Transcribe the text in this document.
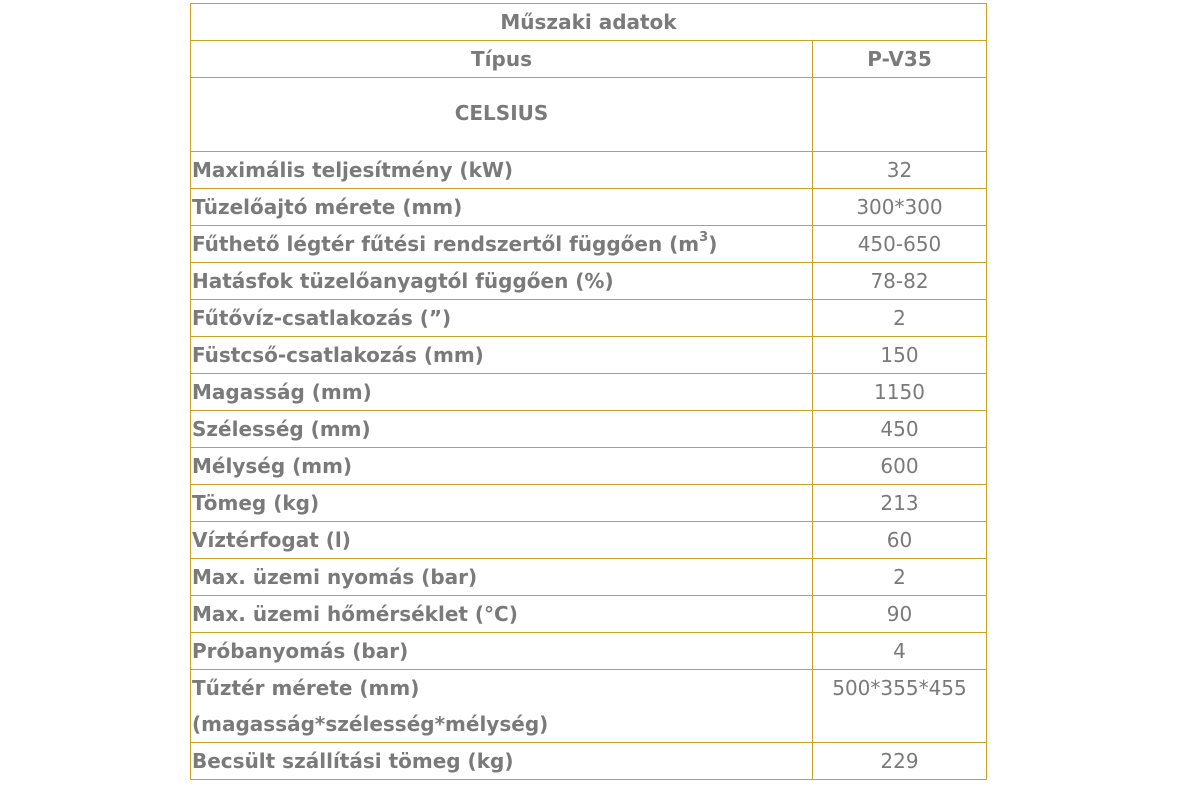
Műszaki adatok	
Típus	P-V35
CELSIUS	
Maximális teljesítmény (kW)	32
Tüzelőajtó mérete (mm)	300*300
Fűthető légtér fűtési rendszertől függően $(m^3)$	450-650
Hatásfok tüzelőanyagtól függően (%)	78-82
Fűtővíz-csatlakozás (”)	2
Füstcső-csatlakozás (mm)	150
Magasság (mm)	1150
Szélesség (mm)	450
Mélység (mm)	600
Tömeg (kg)	213
Víztérfogat (l)	60
Max. üzemi nyomás (bar)	2
Max. üzemi hőmérséklet (°C)	90
Próbanyomás (bar)	4
Tűztér mérete (mm)
(magasság*szélesség*mélység)	500*355*455
Becsült szállítási tömeg (kg)	229
